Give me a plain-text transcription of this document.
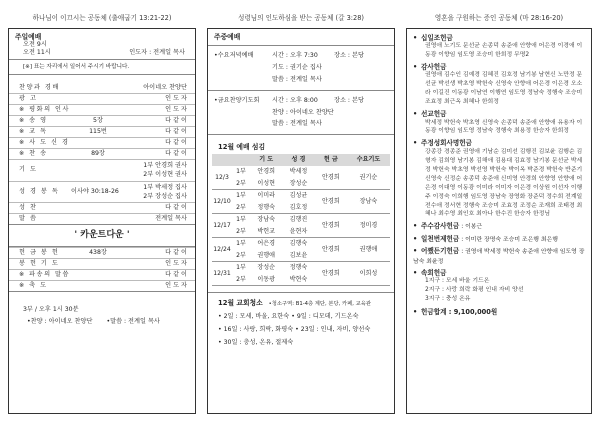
하나님이 이끄시는 공동체 (출애굽기 13:21-22)	성령님의 인도하심을 받는 공동체 (갈 3:28)	영혼을 구원하는 증인 공동체 (마 28:16-20)
주일예배
오전 9시
오전 11시	인도자 : 전계일 목사
[※] 표는 자리에서 일어서 주시기 바랍니다.
찬양과 경배	아이네오 찬양단
광 고	인 도 자
※ 평화의 인사	인 도 자
※ 송 영	5장	다 같 이
※ 교 독	115번	다 같 이
※ 사 도 신 경	다 같 이
※ 찬 송	89장	다 같 이
기 도
1부 안경희 권사
2부 이성현 권사
성 경 봉 독	이사야 30:18-26
1부 박세정 집사
2부 장성순 집사
성 찬	다 같 이
말 씀	전계일 목사
' 카운트다운 '
헌 금 봉 헌	438장	다 같 이
봉 헌 기 도	인 도 자
※ 파송의 말씀	다 같 이
※ 축 도	인 도 자
3부 / 오후 1시 30분
•찬양 : 아이네오 찬양단 •말씀 : 전계일 목사
주중예배
•수요저녁예배	시간 : 오후 7:30	장소 : 본당
기도 : 권기순 집사
말씀 : 전계일 목사
•금요찬양기도회	시간 : 오후 8:00	장소 : 본당
찬양 : 아이네오 찬양단
말씀 : 전계일 목사
12월 예배 섬김
		기 도	성 경	헌 금	수요기도
12/3	1부	안경희	박세정	안경희	권기순
	2부	이성현	장성순		
12/10	1부	이미라	김성균	안경희	장남숙
	2부	정행숙	김호정		
12/17	1부	장남숙	김행진	안경희	정미경
	2부	박헌교	윤현자		
12/24	1부	어은경	김행숙	안경희	권행애
	2부	권행애	김보윤		
12/31	1부	장성순	정행숙	안경희	이희성
	2부	이동광	박현숙		
12월 교회청소 •청소구역: B1-4층 계단, 본당, 카페, 교육관
• 2일 : 모세, 바울, 요한숙 • 9일 : 디모데, 기드온숙
• 16일 : 사랑, 희락, 화평숙 • 23일 : 인내, 자비, 양선숙
• 30일 : 충성, 온유, 절제숙
• 십일조헌금
권영애 노기도 문선균 손종덕 송준애 안향애 어은경 이경애 이동광 이향임 임도영 조승미 한희정 무명2
• 감사헌금
권영애 김수인 김예경 김혜진 김호정 남기봉 남현신 노만정 문선균 박선생 박초영 박헌숙 신영숙 안향애 어은경 이은경 오소라 이길진 이동광 이남연 이행연 임도영 정남숙 정행숙 조승미 조효정 최근옥 최혜나 한희정
• 선교헌금
박세정 박헌숙 박초영 신영숙 손종덕 송준애 안향애 유용자 이동광 이향임 임도영 정남숙 정행숙 최용정 한승자 한희정
• 주정성회사명헌금
강종강 경종준 권영애 기남순 김미선 김행진 김보윤 김행순 김형자 김희영 남기봉 김해애 김용대 김효정 남기봉 문선균 박세정 박헌숙 박초영 박선영 박헌숙 박이옥 박준경 박헌숙 반준기 신영숙 신정순 송종덕 송준애 신미영 안경희 안향영 안향애 어은경 이대영 이동광 이미라 이미자 이은경 이상원 이선자 이행주 이정숙 이희행 임도영 장남숙 장영화 장준덕 정수희 전계일 전수애 정서현 정행숙 조승미 조효정 조정순 조재희 조태경 최혜나 최수영 최인호 최아나 한수진 한승자 한정님
• 주수감사헌금 : 이봉근
• 일천번제헌금 : 이미란 장명숙 조승미 조은행 최은행
• 어쨌든기헌금 : 권영애 박세정 박헌숙 송준애 안향애 임도영 장남숙 최윤정
• 속회헌금
1지구 : 모세 바울 기드온
2지구 : 사랑 희락 화평 인내 자비 양선
3지구 : 충성 온유
• 헌금합계 : 9,100,000원
